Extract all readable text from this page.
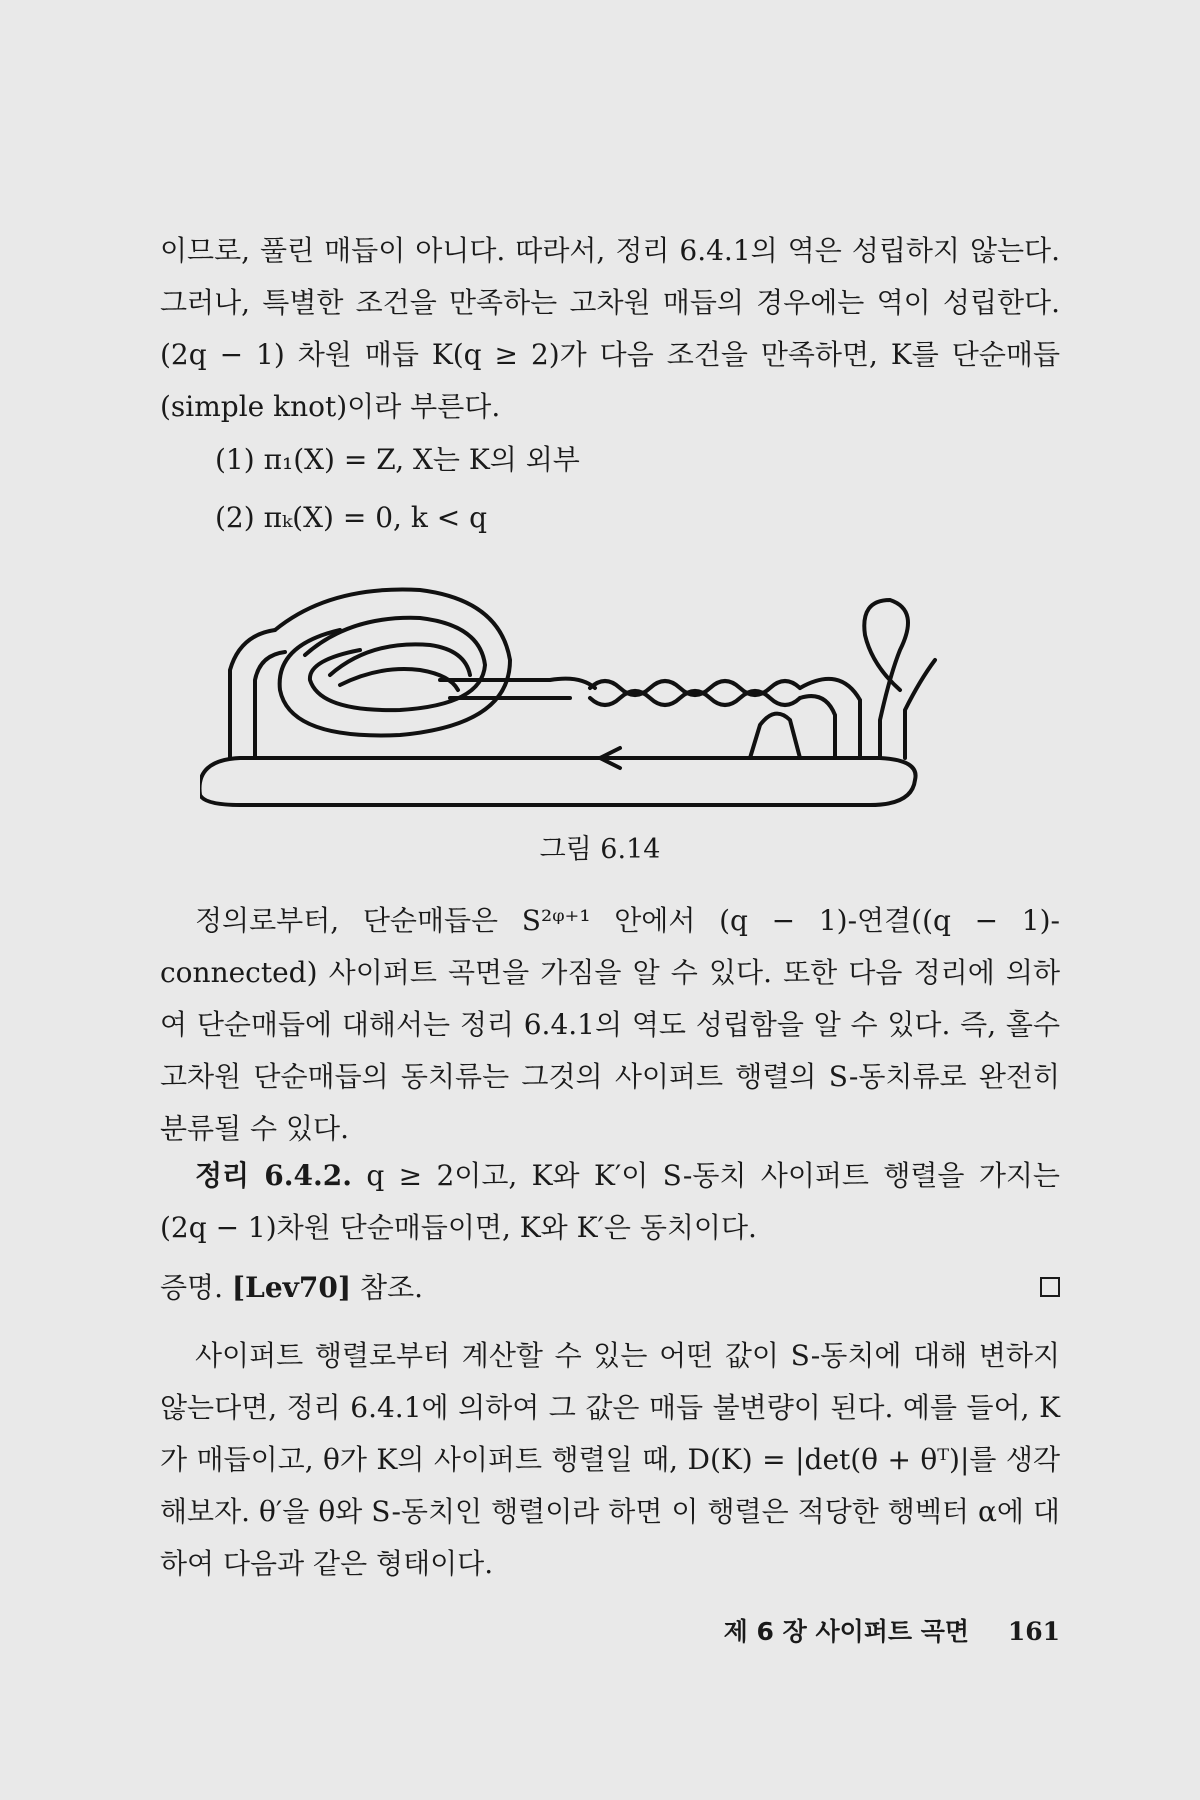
이므로, 풀린 매듭이 아니다. 따라서, 정리 6.4.1의 역은 성립하지 않는다. 그러나, 특별한 조건을 만족하는 고차원 매듭의 경우에는 역이 성립한다. (2q − 1) 차원 매듭 K(q ≥ 2)가 다음 조건을 만족하면, K를 단순매듭(simple knot)이라 부른다.
(1) π₁(X) = Z, X는 K의 외부
(2) πₖ(X) = 0, k < q
그림 6.14
정의로부터, 단순매듭은 S²ᵠ⁺¹ 안에서 (q − 1)-연결((q − 1)-connected) 사이퍼트 곡면을 가짐을 알 수 있다. 또한 다음 정리에 의하여 단순매듭에 대해서는 정리 6.4.1의 역도 성립함을 알 수 있다. 즉, 홀수 고차원 단순매듭의 동치류는 그것의 사이퍼트 행렬의 S-동치류로 완전히 분류될 수 있다.
정리 6.4.2. q ≥ 2이고, K와 K′이 S-동치 사이퍼트 행렬을 가지는 (2q − 1)차원 단순매듭이면, K와 K′은 동치이다.
증명. [Lev70] 참조.
사이퍼트 행렬로부터 계산할 수 있는 어떤 값이 S-동치에 대해 변하지 않는다면, 정리 6.4.1에 의하여 그 값은 매듭 불변량이 된다. 예를 들어, K가 매듭이고, θ가 K의 사이퍼트 행렬일 때, D(K) = |det(θ + θᵀ)|를 생각해보자. θ′을 θ와 S-동치인 행렬이라 하면 이 행렬은 적당한 행벡터 α에 대하여 다음과 같은 형태이다.
제 6 장 사이퍼트 곡면 161
